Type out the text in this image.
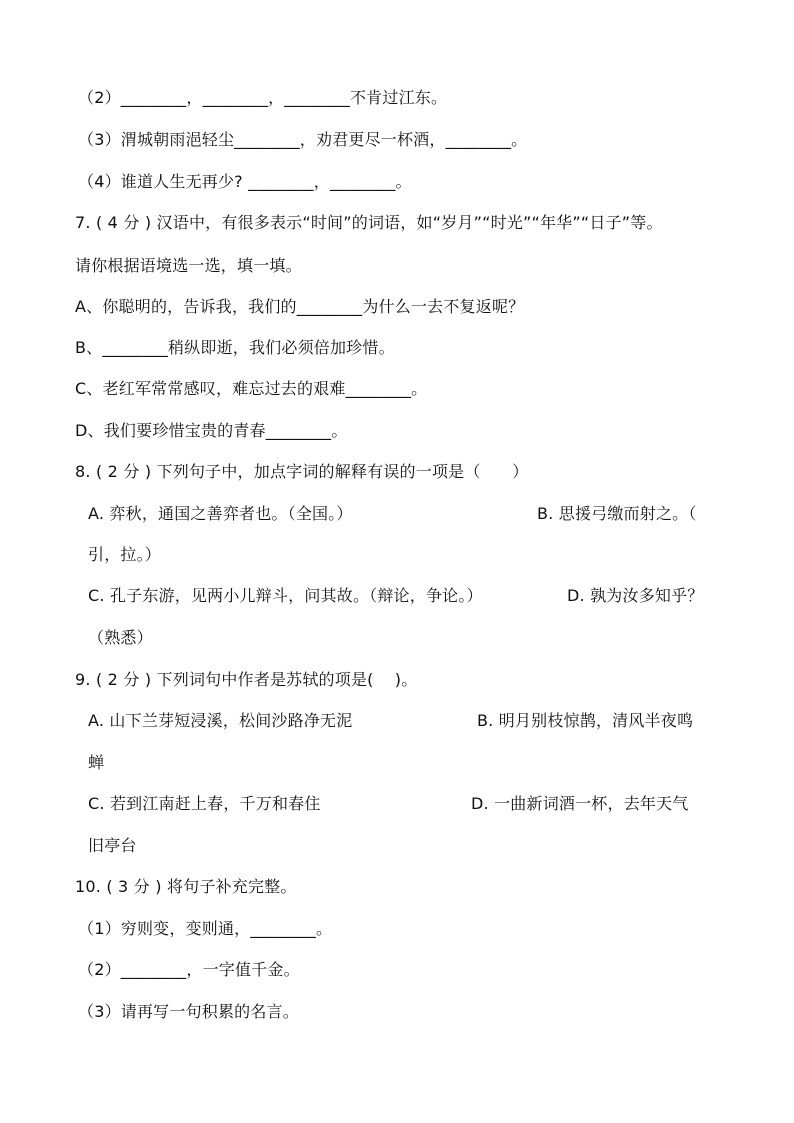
（2）________，________，________不肯过江东。
（3）渭城朝雨浥轻尘________，劝君更尽一杯酒，________。
（4）谁道人生无再少? ________，________。
7. ( 4 分 ) 汉语中，有很多表示“时间”的词语，如“岁月”“时光”“年华”“日子”等。
请你根据语境选一选，填一填。
A、你聪明的，告诉我，我们的________为什么一去不复返呢？
B、________稍纵即逝，我们必须倍加珍惜。
C、老红军常常感叹，难忘过去的艰难________。
D、我们要珍惜宝贵的青春________。
8. ( 2 分 ) 下列句子中，加点字词的解释有误的一项是（      ）
A. 弈秋，通国之善弈者也。（全国。）	B. 思援弓缴而射之。（
引，拉。）
C. 孔子东游，见两小儿辩斗，问其故。（辩论，争论。）	D. 孰为汝多知乎？
（熟悉）
9. ( 2 分 ) 下列词句中作者是苏轼的项是(    )。
A. 山下兰芽短浸溪，松间沙路净无泥	B. 明月别枝惊鹊，清风半夜鸣
蝉
C. 若到江南赶上春，千万和春住	D. 一曲新词酒一杯，去年天气
旧亭台
10. ( 3 分 ) 将句子补充完整。
（1）穷则变，变则通，________。
（2）________，一字值千金。
（3）请再写一句积累的名言。
